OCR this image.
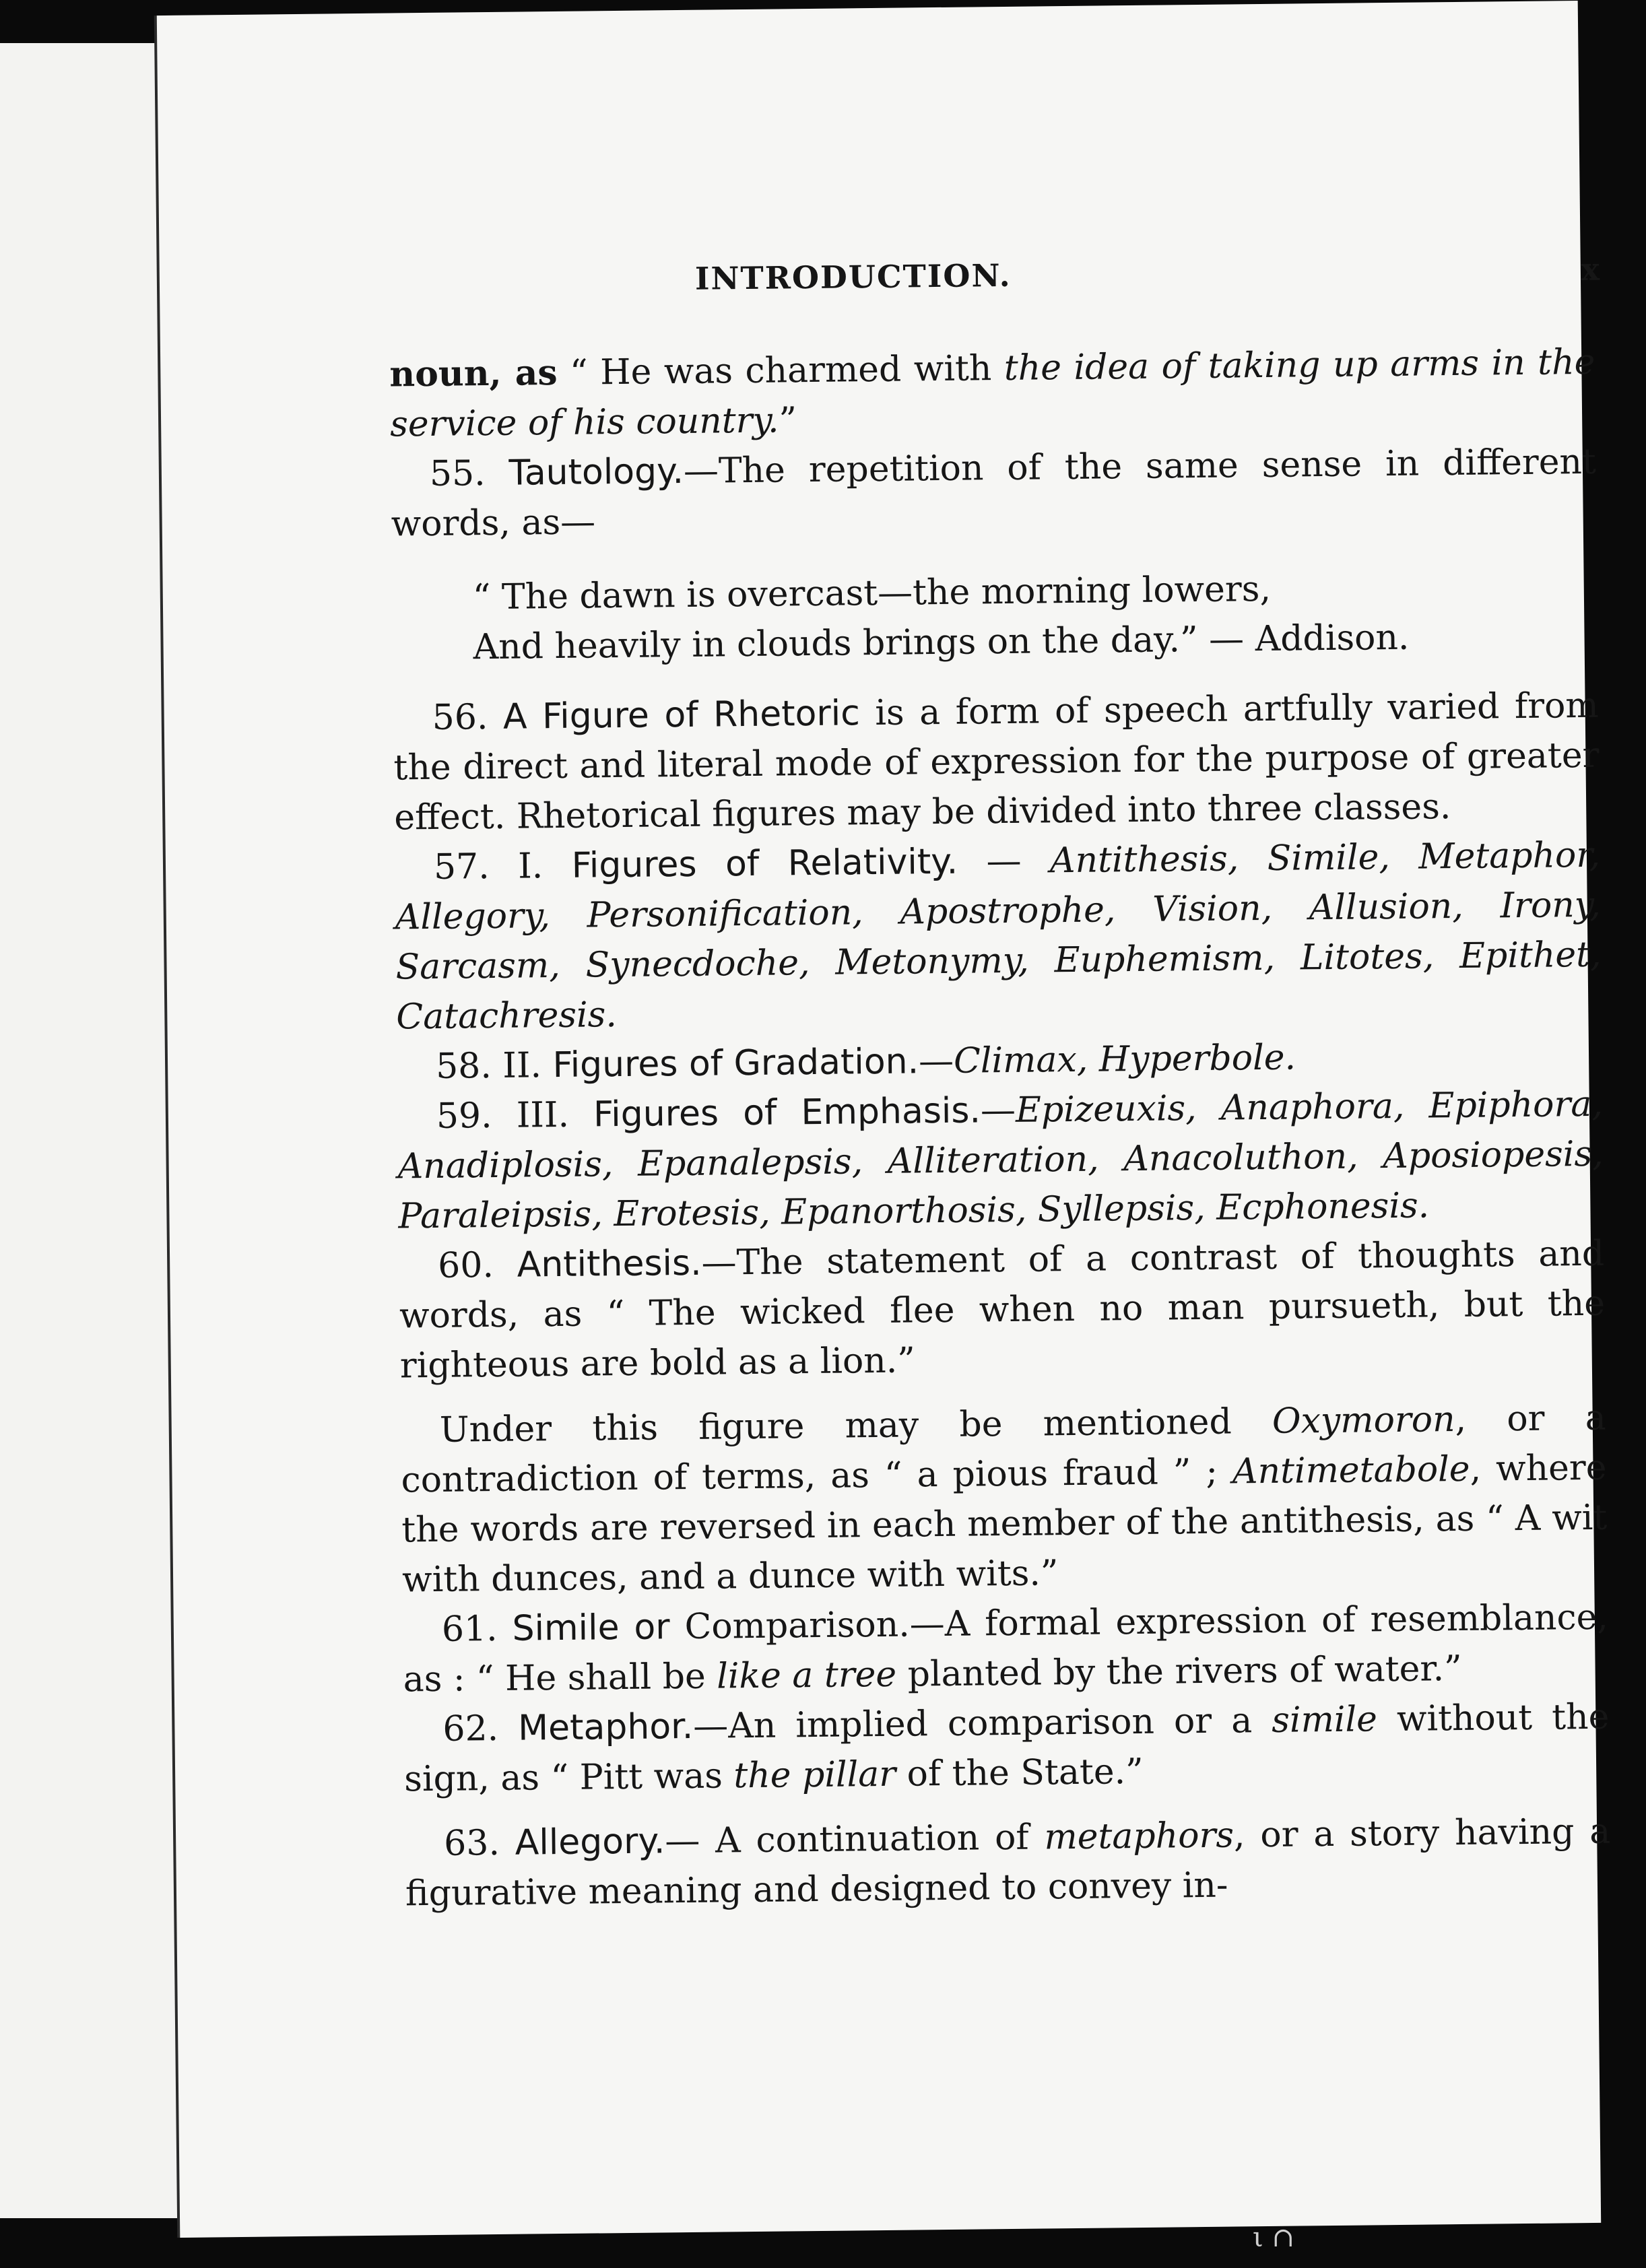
INTRODUCTION.	x

noun, as “ He was charmed with the idea of taking up arms in the service of his country.”

55. Tautology.—The repetition of the same sense in different words, as—

“ The dawn is overcast—the morning lowers,
And heavily in clouds brings on the day.” — Addison.

56. A Figure of Rhetoric is a form of speech artfully varied from the direct and literal mode of expression for the purpose of greater effect. Rhetorical figures may be divided into three classes.

57. I. Figures of Relativity. — Antithesis, Simile, Metaphor, Allegory, Personification, Apostrophe, Vision, Allusion, Irony, Sarcasm, Synecdoche, Metonymy, Euphemism, Litotes, Epithet, Catachresis.

58. II. Figures of Gradation.—Climax, Hyperbole.

59. III. Figures of Emphasis.—Epizeuxis, Anaphora, Epiphora, Anadiplosis, Epanalepsis, Alliteration, Anacoluthon, Aposiopesis, Paraleipsis, Erotesis, Epanorthosis, Syllepsis, Ecphonesis.

60. Antithesis.—The statement of a contrast of thoughts and words, as “ The wicked flee when no man pursueth, but the righteous are bold as a lion.”

Under this figure may be mentioned Oxymoron, or a contradiction of terms, as “ a pious fraud ” ; Antimetabole, where the words are reversed in each member of the antithesis, as “ A wit with dunces, and a dunce with wits.”

61. Simile or Comparison.—A formal expression of resemblance, as : “ He shall be like a tree planted by the rivers of water.”

62. Metaphor.—An implied comparison or a simile without the sign, as “ Pitt was the pillar of the State.”

63. Allegory.— A continuation of metaphors, or a story having a figurative meaning and designed to convey in-

ι ∩
